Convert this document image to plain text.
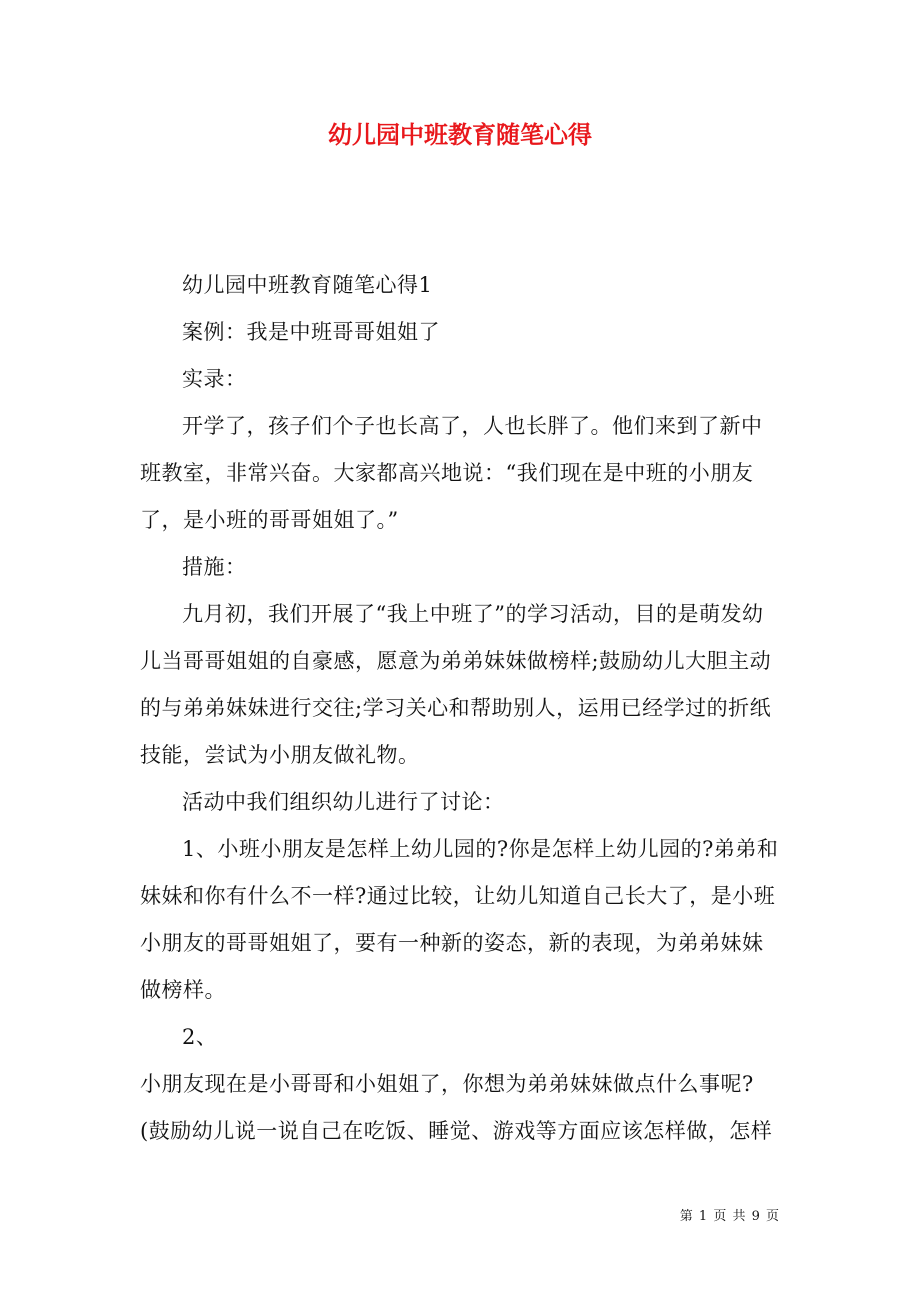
幼儿园中班教育随笔心得

幼儿园中班教育随笔心得1

案例：我是中班哥哥姐姐了

实录：

开学了，孩子们个子也长高了，人也长胖了。他们来到了新中班教室，非常兴奋。大家都高兴地说：“我们现在是中班的小朋友了，是小班的哥哥姐姐了。”

措施：

九月初，我们开展了“我上中班了”的学习活动，目的是萌发幼儿当哥哥姐姐的自豪感，愿意为弟弟妹妹做榜样;鼓励幼儿大胆主动的与弟弟妹妹进行交往;学习关心和帮助别人，运用已经学过的折纸技能，尝试为小朋友做礼物。

活动中我们组织幼儿进行了讨论：

1、小班小朋友是怎样上幼儿园的?你是怎样上幼儿园的?弟弟和妹妹和你有什么不一样?通过比较，让幼儿知道自己长大了，是小班小朋友的哥哥姐姐了，要有一种新的姿态，新的表现，为弟弟妹妹做榜样。

2、

小朋友现在是小哥哥和小姐姐了，你想为弟弟妹妹做点什么事呢?(鼓励幼儿说一说自己在吃饭、睡觉、游戏等方面应该怎样做，怎样

第 1 页 共 9 页
